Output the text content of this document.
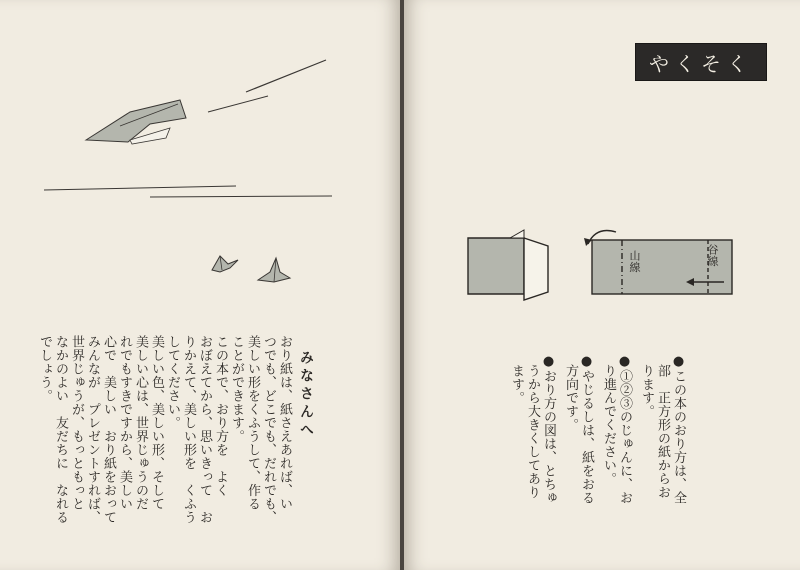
みなさんへ
おり紙は、紙さえあれば、い
つでも、どこでも、だれでも、
美しい形をくふうして、作る
ことができます。
この本で、おり方を　よく
おぼえてから、思いきって　お
りかえて、美しい形を　くふう
してください。
美しい色、美しい形、そして
美しい心は、世界じゅうのだ
れでもすきですから、美しい
心で　美しい　おり紙をおって
みんなが　プレゼントすれば、
世界じゅうが、もっともっと
なかのよい　友だちに　なれる
でしょう。
やくそく
山線	谷線
● この本のおり方は、全
部　正方形の紙からお
ります。
● ①②③のじゅんに、お
り進んでください。
● やじるしは、紙をおる
方向です。
● おり方の図は、とちゅ
うから大きくしてあり
ます。
